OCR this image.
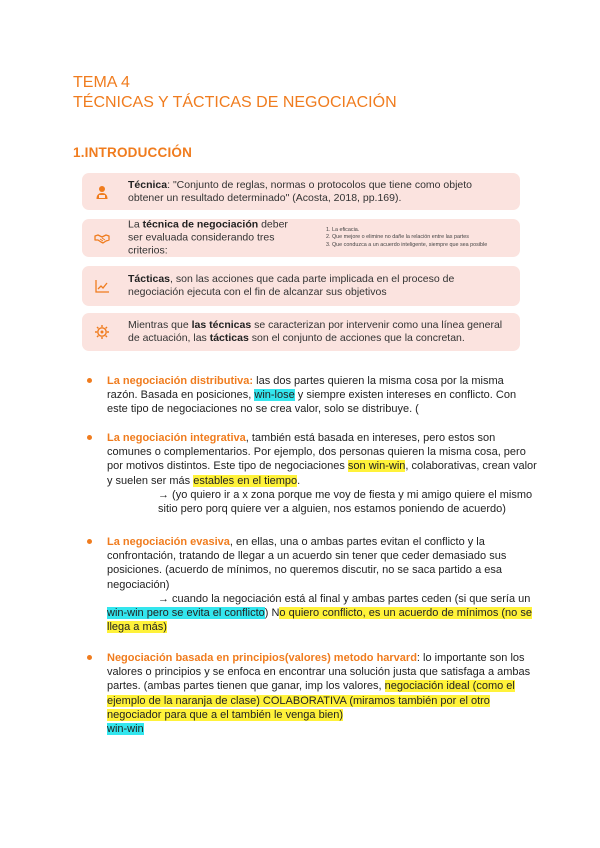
TEMA 4
TÉCNICAS Y TÁCTICAS DE NEGOCIACIÓN
1.INTRODUCCIÓN
Técnica: "Conjunto de reglas, normas o protocolos que tiene como objeto obtener un resultado determinado" (Acosta, 2018, pp.169).
La técnica de negociación deber ser evaluada considerando tres criterios:
1. La eficacia.
2. Que mejore o elimine no dañe la relación entre las partes
3. Que conduzca a un acuerdo inteligente, siempre que sea posible
Tácticas, son las acciones que cada parte implicada en el proceso de negociación ejecuta con el fin de alcanzar sus objetivos
Mientras que las técnicas se caracterizan por intervenir como una línea general de actuación, las tácticas son el conjunto de acciones que la concretan.
La negociación distributiva: las dos partes quieren la misma cosa por la misma razón. Basada en posiciones, win-lose y siempre existen intereses en conflicto. Con este tipo de negociaciones no se crea valor, solo se distribuye. (
La negociación integrativa, también está basada en intereses, pero estos son comunes o complementarios. Por ejemplo, dos personas quieren la misma cosa, pero por motivos distintos. Este tipo de negociaciones son win-win, colaborativas, crean valor y suelen ser más estables en el tiempo.
→ (yo quiero ir a x zona porque me voy de fiesta y mi amigo quiere el mismo sitio pero porq quiere ver a alguien, nos estamos poniendo de acuerdo)
La negociación evasiva, en ellas, una o ambas partes evitan el conflicto y la confrontación, tratando de llegar a un acuerdo sin tener que ceder demasiado sus posiciones. (acuerdo de mínimos, no queremos discutir, no se saca partido a esa negociación)
→ cuando la negociación está al final y ambas partes ceden (si que sería un
win-win pero se evita el conflicto) No quiero conflicto, es un acuerdo de mínimos (no se llega a más)
Negociación basada en principios(valores) metodo harvard: lo importante son los valores o principios y se enfoca en encontrar una solución justa que satisfaga a ambas partes. (ambas partes tienen que ganar, imp los valores, negociación ideal (como el ejemplo de la naranja de clase) COLABORATIVA (miramos también por el otro negociador para que a el también le venga bien)
win-win
